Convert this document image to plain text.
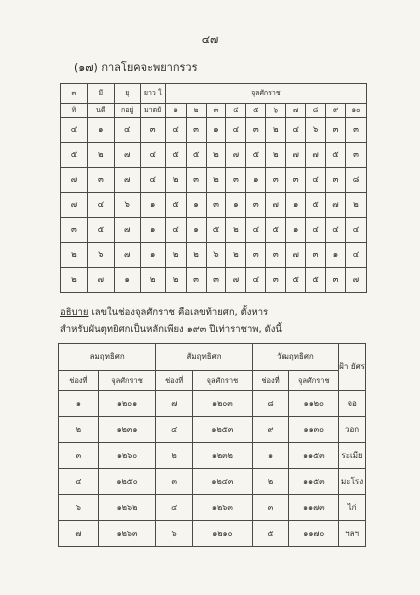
๔๗
(๑๗) กาลโยคจะพยากรวร
๓	มี	ยุ	ยาว ใ	จุลศักราช									

ทิ	นดี	กอยู่	มาตยั	๑	๒	๓	๔	๕	๖	๗	๘	๙	๑๐
๔	๑	๔	๓	๔	๓	๑	๔	๓	๒	๔	๖	๓	๓
๕	๒	๗	๔	๕	๕	๒	๗	๕	๒	๗	๗	๕	๓
๗	๓	๗	๔	๒	๓	๒	๓	๑	๓	๓	๔	๓	๘
๗	๔	๖	๑	๕	๑	๓	๑	๓	๗	๑	๕	๗	๒
๓	๕	๗	๑	๔	๑	๕	๒	๔	๕	๑	๔	๔	๔
๒	๖	๗	๑	๒	๒	๖	๒	๓	๓	๗	๓	๑	๔
๒	๗	๑	๒	๒	๓	๓	๗	๔	๓	๕	๕	๓	๗
อธิบาย เลขในช่องจุลศักราช คือเลขท้ายศก, ตั้งหาร
สำหรับผันตุทยิศกเป็นหลักเพียง ๑๙๓ ปีเท่าราชาพ, ดังนี้
ลมฤทธิศก		สัมฤทธิศก		วัฒฤทธิศก		ฝ้า ยัศร
ช่องที่	จุลศักราช	ช่องที่	จุลศักราช	ช่องที่	จุลศักราช	
๑	๑๒๐๑	๗	๑๒๐๓	๘	๑๑๒๐	จอ
๒	๑๒๓๑	๔	๑๒๕๓	๙	๑๑๓๐	วอก
๓	๑๒๖๐	๒	๑๒๓๒	๑	๑๑๕๓	ระเมีย
๔	๑๒๕๐	๓	๑๒๔๓	๒	๑๑๕๓	มะโรง
๖	๑๒๖๒	๔	๑๒๖๓	๓	๑๑๗๓	ไก่
๗	๑๒๖๓	๖	๑๒๑๐	๕	๑๑๗๐	ฯลฯ
